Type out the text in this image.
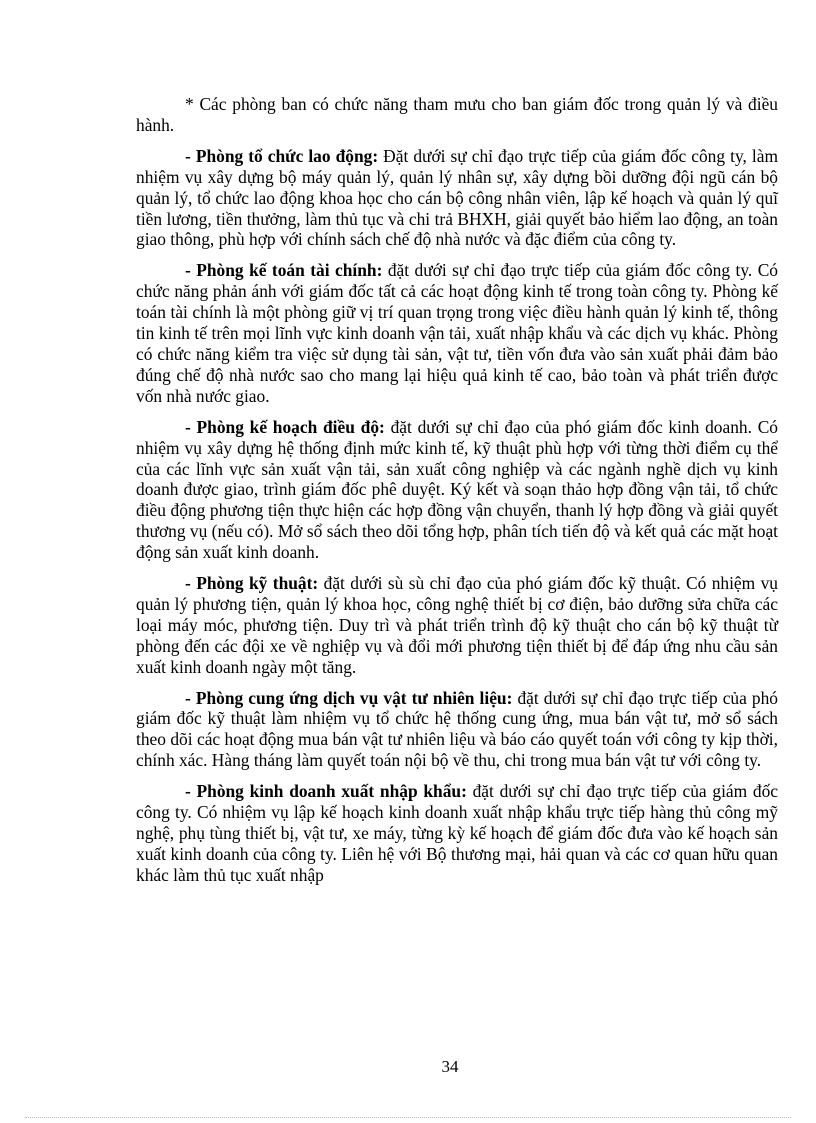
* Các phòng ban có chức năng tham mưu cho ban giám đốc trong quản lý và điều hành.

- Phòng tổ chức lao động: Đặt dưới sự chỉ đạo trực tiếp của giám đốc công ty, làm nhiệm vụ xây dựng bộ máy quản lý, quản lý nhân sự, xây dựng bồi dưỡng đội ngũ cán bộ quản lý, tổ chức lao động khoa học cho cán bộ công nhân viên, lập kế hoạch và quản lý quĩ tiền lương, tiền thưởng, làm thủ tục và chi trả BHXH, giải quyết bảo hiểm lao động, an toàn giao thông, phù hợp với chính sách chế độ nhà nước và đặc điểm của công ty.

- Phòng kế toán tài chính: đặt dưới sự chỉ đạo trực tiếp của giám đốc công ty. Có chức năng phản ánh với giám đốc tất cả các hoạt động kinh tế trong toàn công ty. Phòng kế toán tài chính là một phòng giữ vị trí quan trọng trong việc điều hành quản lý kinh tế, thông tin kinh tế trên mọi lĩnh vực kinh doanh vận tải, xuất nhập khẩu và các dịch vụ khác. Phòng có chức năng kiểm tra việc sử dụng tài sản, vật tư, tiền vốn đưa vào sản xuất phải đảm bảo đúng chế độ nhà nước sao cho mang lại hiệu quả kinh tế cao, bảo toàn và phát triển được vốn nhà nước giao.

- Phòng kế hoạch điều độ: đặt dưới sự chỉ đạo của phó giám đốc kinh doanh. Có nhiệm vụ xây dựng hệ thống định mức kinh tế, kỹ thuật phù hợp với từng thời điểm cụ thể của các lĩnh vực sản xuất vận tải, sản xuất công nghiệp và các ngành nghề dịch vụ kinh doanh được giao, trình giám đốc phê duyệt. Ký kết và soạn thảo hợp đồng vận tải, tổ chức điều động phương tiện thực hiện các hợp đồng vận chuyển, thanh lý hợp đồng và giải quyết thương vụ (nếu có). Mở sổ sách theo dõi tổng hợp, phân tích tiến độ và kết quả các mặt hoạt động sản xuất kinh doanh.

- Phòng kỹ thuật: đặt dưới sù sù chỉ đạo của phó giám đốc kỹ thuật. Có nhiệm vụ quản lý phương tiện, quản lý khoa học, công nghệ thiết bị cơ điện, bảo dưỡng sửa chữa các loại máy móc, phương tiện. Duy trì và phát triển trình độ kỹ thuật cho cán bộ kỹ thuật từ phòng đến các đội xe về nghiệp vụ và đổi mới phương tiện thiết bị để đáp ứng nhu cầu sản xuất kinh doanh ngày một tăng.

- Phòng cung ứng dịch vụ vật tư nhiên liệu: đặt dưới sự chỉ đạo trực tiếp của phó giám đốc kỹ thuật làm nhiệm vụ tổ chức hệ thống cung ứng, mua bán vật tư, mở sổ sách theo dõi các hoạt động mua bán vật tư nhiên liệu và báo cáo quyết toán với công ty kịp thời, chính xác. Hàng tháng làm quyết toán nội bộ về thu, chi trong mua bán vật tư với công ty.

- Phòng kinh doanh xuất nhập khẩu: đặt dưới sự chỉ đạo trực tiếp của giám đốc công ty. Có nhiệm vụ lập kế hoạch kinh doanh xuất nhập khẩu trực tiếp hàng thủ công mỹ nghệ, phụ tùng thiết bị, vật tư, xe máy, từng kỳ kế hoạch để giám đốc đưa vào kế hoạch sản xuất kinh doanh của công ty. Liên hệ với Bộ thương mại, hải quan và các cơ quan hữu quan khác làm thủ tục xuất nhập

34
